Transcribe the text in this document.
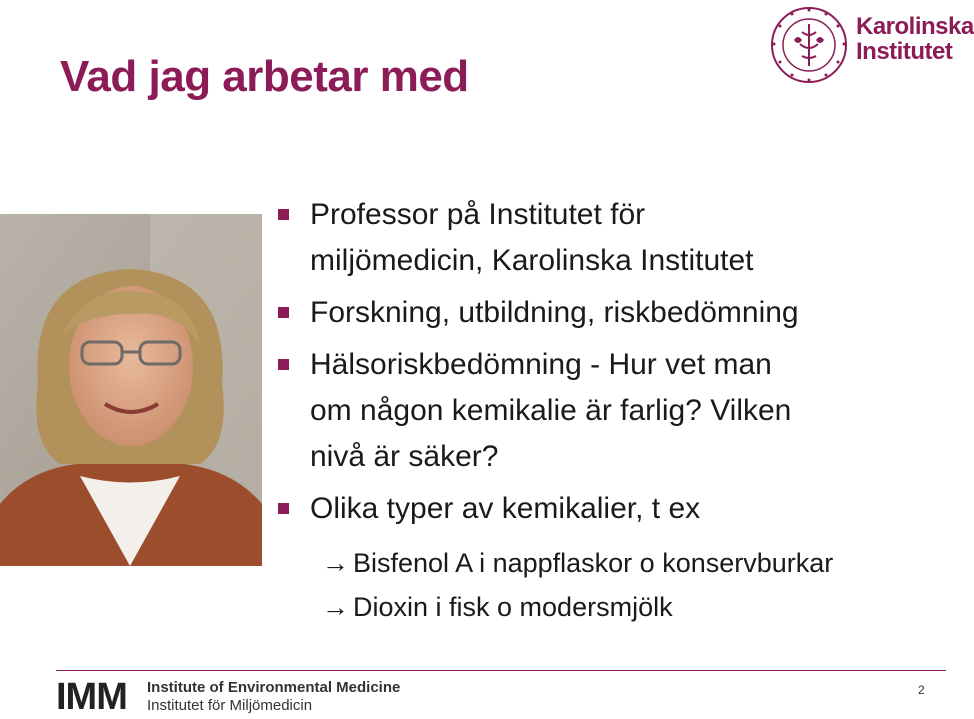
Vad jag arbetar med
Karolinska
Institutet
Professor på Institutet för
miljömedicin, Karolinska Institutet
Forskning, utbildning, riskbedömning
Hälsoriskbedömning - Hur vet man
om någon kemikalie är farlig? Vilken
nivå är säker?
Olika typer av kemikalier, t ex
→ Bisfenol A i nappflaskor o konservburkar
→ Dioxin i fisk o modersmjölk
IMM Institute of Environmental Medicine
Institutet för Miljömedicin
2
